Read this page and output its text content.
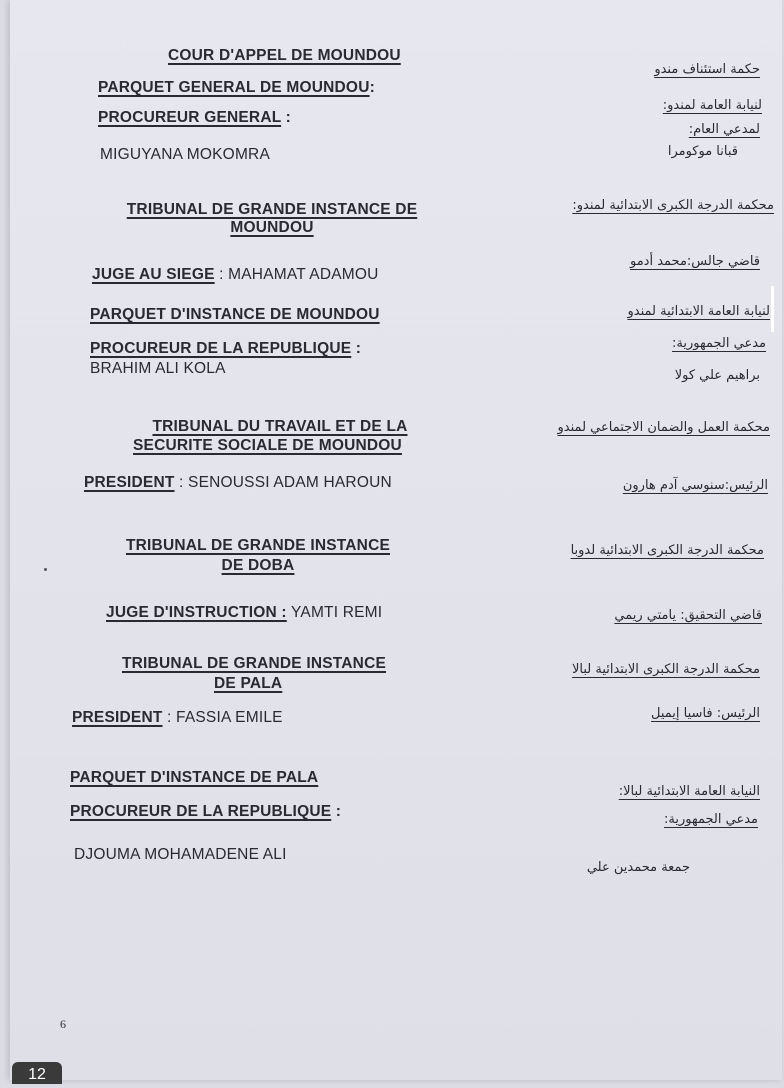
COUR D'APPEL DE MOUNDOU
حكمة استئناف مندو
PARQUET GENERAL DE MOUNDOU:
لنيابة العامة لمندو:
PROCUREUR GENERAL :
لمدعي العام:
MIGUYANA MOKOMRA	قبانا موكومرا
TRIBUNAL DE GRANDE INSTANCE DE
MOUNDOU
محكمة الدرجة الكبرى الابتدائية لمندو:
JUGE AU SIEGE : MAHAMAT ADAMOU
قاضي جالس:محمد أدمو
PARQUET D'INSTANCE DE MOUNDOU	لنيابة العامة الابتدائية لمندو
PROCUREUR DE LA REPUBLIQUE :	مدعي الجمهورية:
BRAHIM ALI KOLA	براهيم علي كولا
TRIBUNAL DU TRAVAIL ET DE LA
SECURITE SOCIALE DE MOUNDOU
محكمة العمل والضمان الاجتماعي لمندو
PRESIDENT : SENOUSSI ADAM HAROUN	الرئيس:سنوسي آدم هارون
TRIBUNAL DE GRANDE INSTANCE
DE DOBA
محكمة الدرجة الكبرى الابتدائية لدوبا
JUGE D'INSTRUCTION : YAMTI REMI	قاضي التحقيق: يامتي ريمي
TRIBUNAL DE GRANDE INSTANCE
DE PALA
محكمة الدرجة الكبرى الابتدائية لبالا
PRESIDENT : FASSIA EMILE	الرئيس: فاسيا إيميل
PARQUET D'INSTANCE DE PALA
النيابة العامة الابتدائية لبالا:
PROCUREUR DE LA REPUBLIQUE :	مدعي الجمهورية:
DJOUMA MOHAMADENE ALI
جمعة محمدين علي
6
12
